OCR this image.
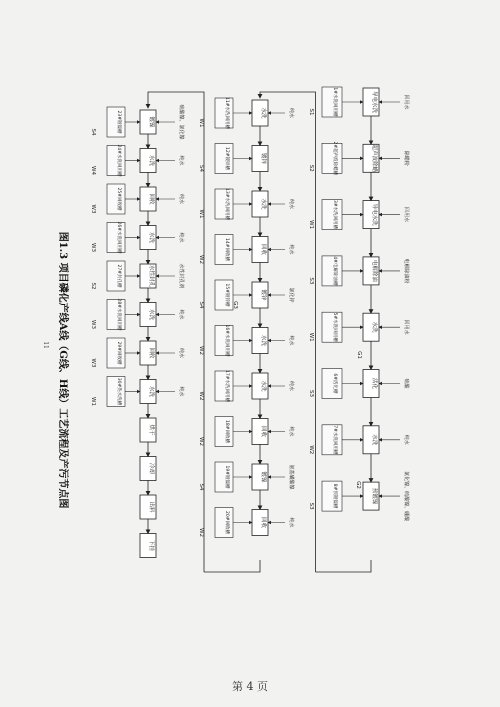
导电水洗
1#水洗回用槽	回用水
S1
超声波除蜡
2#超声波除蜡槽	除蜡粉
S2
导电水洗
3#水洗回用槽	回用水
W1
电解除油
4#电解除油槽	电解除油粉
S3
水洗
5#水洗回用槽	回用水
W1
活化
6#活化槽	硫酸
S3
水洗
7#水洗回用槽	纯水
W2
预镀镍
8#预镀镍槽	氯化镍、硫酸镍、硼酸
S3
水洗
11#水洗回用槽	纯水
W1
镀锌
12#镀锌槽
S4
水洗
13#水洗回用槽	纯水
W1
回收
14#回收槽	纯水
W2
镀锌
15#镀锌槽	氯化锌
S4
水洗
16#水洗回用槽	纯水
W2
水洗
17#水洗回用槽	纯水
W2
回收
18#回收槽	纯水
W2
镀镍
19#镀镍槽	氨基磺酸镍
S4
回收
20#回收槽	纯水
W2
镀镍
23#镀镍槽	硫酸镍、氯化镍
S4
水洗
24#水洗回用槽	纯水
W4
回收
25#回收槽	纯水
W3
水洗
26#水洗回用槽	纯水
W3
水性封孔
27#封孔槽	水性封孔剂
S2
水洗
28#水洗回用槽	纯水
W3
回收
29#回收槽	纯水
W3
水洗
30#热水洗槽	纯水
W1
烘干
冷却
出料
下挂
G1
G2
G3
图1.3 项目磷化产线A线（G线、H线）工艺流程及产污节点图
11
第 4 页
